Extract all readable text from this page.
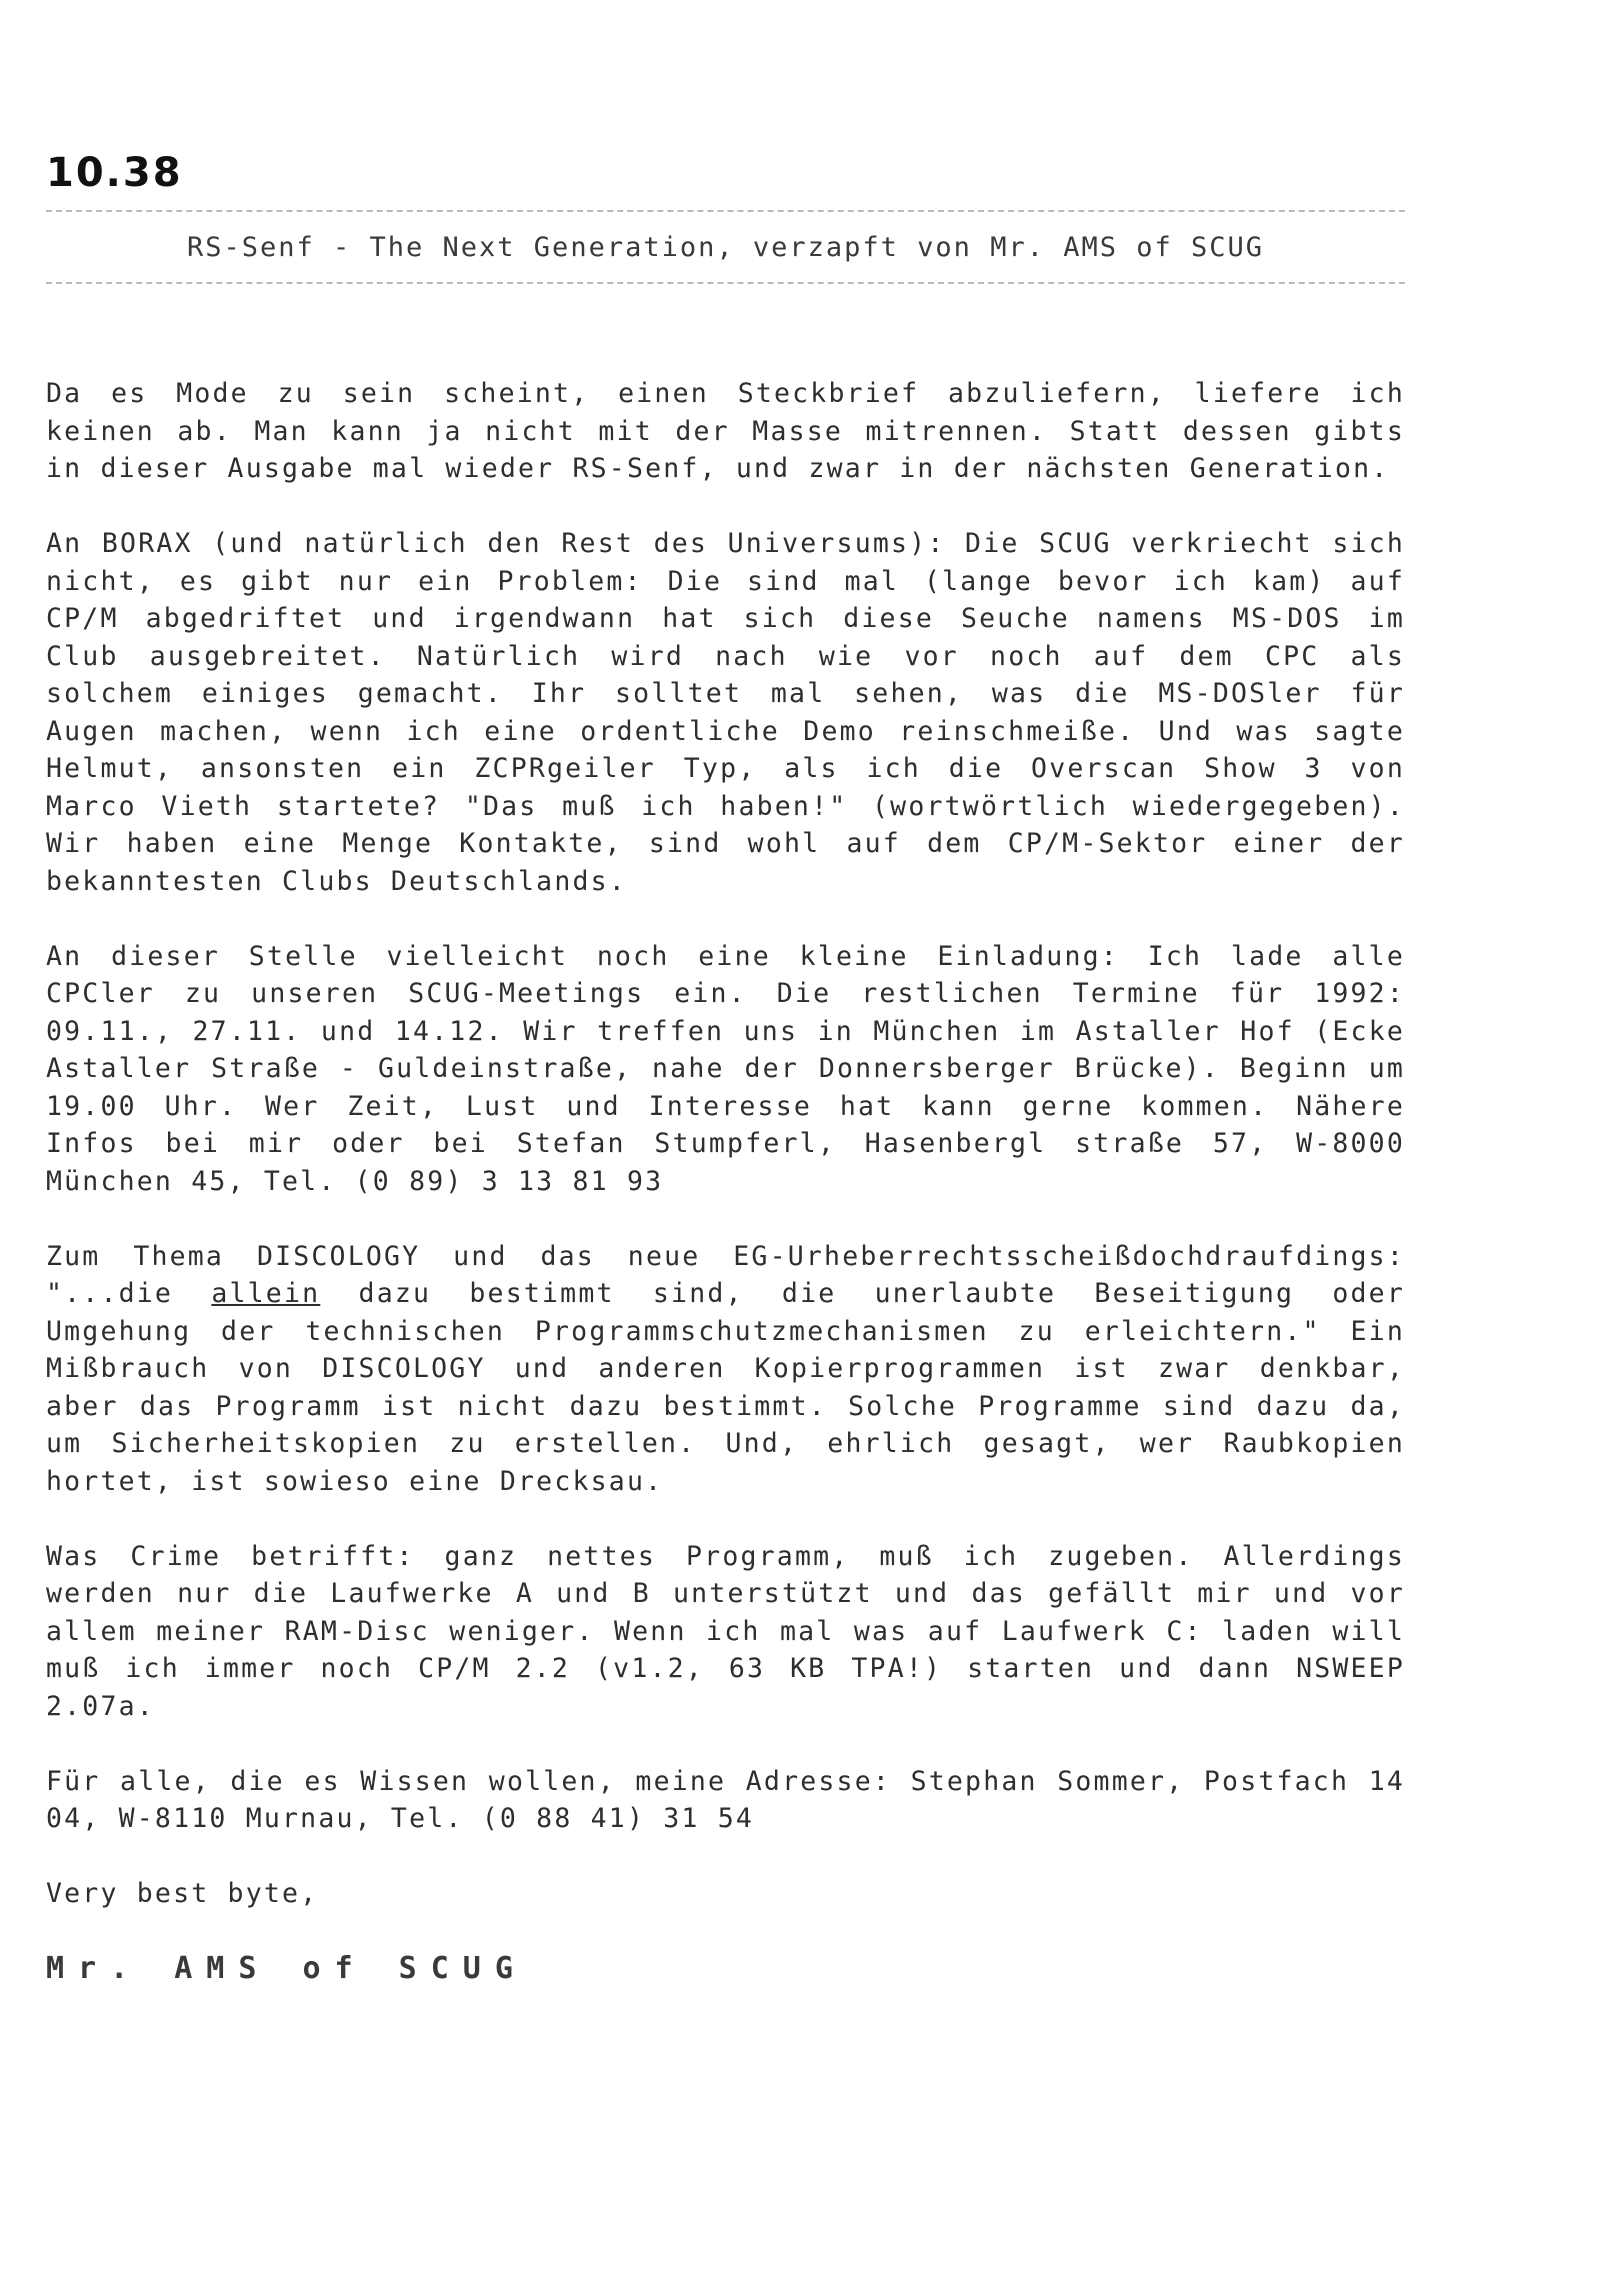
10.38
RS-Senf - The Next Generation, verzapft von Mr. AMS of SCUG

Da es Mode zu sein scheint, einen Steckbrief abzuliefern, liefere ich keinen ab. Man kann ja nicht mit der Masse mitrennen. Statt dessen gibts in dieser Ausgabe mal wieder RS-Senf, und zwar in der nächsten Generation.

An BORAX (und natürlich den Rest des Universums): Die SCUG verkriecht sich nicht, es gibt nur ein Problem: Die sind mal (lange bevor ich kam) auf CP/M abgedriftet und irgendwann hat sich diese Seuche namens MS-DOS im Club ausgebreitet. Natürlich wird nach wie vor noch auf dem CPC als solchem einiges gemacht. Ihr solltet mal sehen, was die MS-DOSler für Augen machen, wenn ich eine ordentliche Demo reinschmeiße. Und was sagte Helmut, ansonsten ein ZCPRgeiler Typ, als ich die Overscan Show 3 von Marco Vieth startete? "Das muß ich haben!" (wortwörtlich wiedergegeben). Wir haben eine Menge Kontakte, sind wohl auf dem CP/M-Sektor einer der bekanntesten Clubs Deutschlands.

An dieser Stelle vielleicht noch eine kleine Einladung: Ich lade alle CPCler zu unseren SCUG-Meetings ein. Die restlichen Termine für 1992: 09.11., 27.11. und 14.12. Wir treffen uns in München im Astaller Hof (Ecke Astaller Straße - Guldeinstraße, nahe der Donnersberger Brücke). Beginn um 19.00 Uhr. Wer Zeit, Lust und Interesse hat kann gerne kommen. Nähere Infos bei mir oder bei Stefan Stumpferl, Hasenbergl straße 57, W-8000 München 45, Tel. (0 89) 3 13 81 93

Zum Thema DISCOLOGY und das neue EG-Urheberrechtsscheißdochdraufdings: "...die allein dazu bestimmt sind, die unerlaubte Beseitigung oder Umgehung der technischen Programmschutzmechanismen zu erleichtern." Ein Mißbrauch von DISCOLOGY und anderen Kopierprogrammen ist zwar denkbar, aber das Programm ist nicht dazu bestimmt. Solche Programme sind dazu da, um Sicherheitskopien zu erstellen. Und, ehrlich gesagt, wer Raubkopien hortet, ist sowieso eine Drecksau.

Was Crime betrifft: ganz nettes Programm, muß ich zugeben. Allerdings werden nur die Laufwerke A und B unterstützt und das gefällt mir und vor allem meiner RAM-Disc weniger. Wenn ich mal was auf Laufwerk C: laden will muß ich immer noch CP/M 2.2 (v1.2, 63 KB TPA!) starten und dann NSWEEP 2.07a.

Für alle, die es Wissen wollen, meine Adresse: Stephan Sommer, Postfach 14 04, W-8110 Murnau, Tel. (0 88 41) 31 54

Very best byte,

Mr. AMS of SCUG
